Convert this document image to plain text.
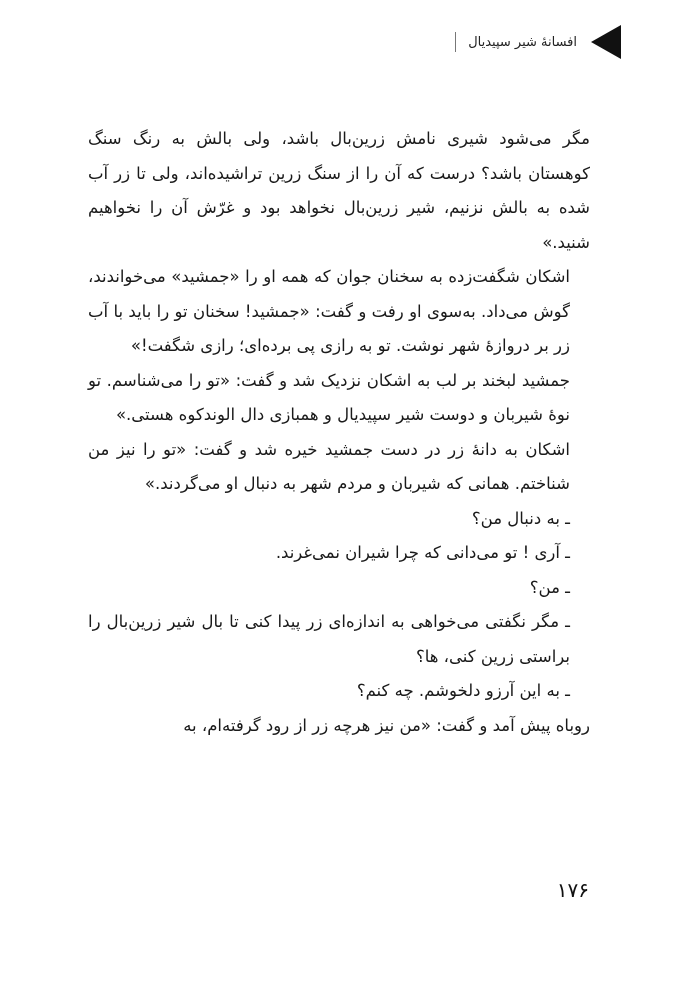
افسانهٔ شیر سپیدیال

مگر می‌شود شیری نامش زرین‌بال باشد، ولی بالش به رنگ سنگ کوهستان باشد؟ درست که آن را از سنگ زرین تراشیده‌اند، ولی تا زر آب شده به بالش نزنیم، شیر زرین‌بال نخواهد بود و غرّش آن را نخواهیم شنید.»

اشکان شگفت‌زده به سخنان جوان که همه او را «جمشید» می‌خواندند، گوش می‌داد. به‌سوی او رفت و گفت: «جمشید! سخنان تو را باید با آب زر بر دروازهٔ شهر نوشت. تو به رازی پی برده‌ای؛ رازی شگفت!»

جمشید لبخند بر لب به اشکان نزدیک شد و گفت: «تو را می‌شناسم. تو نوهٔ شیربان و دوست شیر سپیدیال و همبازی دال الوندکوه هستی.»

اشکان به دانهٔ زر در دست جمشید خیره شد و گفت: «تو را نیز من شناختم. همانی که شیربان و مردم شهر به دنبال او می‌گردند.»

ـ به دنبال من؟

ـ آری ! تو می‌دانی که چرا شیران نمی‌غرند.

ـ من؟

ـ مگر نگفتی می‌خواهی به اندازه‌ای زر پیدا کنی تا بال شیر زرین‌بال را براستی زرین کنی، ها؟

ـ به این آرزو دلخوشم. چه کنم؟

روباه پیش آمد و گفت: «من نیز هرچه زر از رود گرفته‌ام، به

۱۷۶
